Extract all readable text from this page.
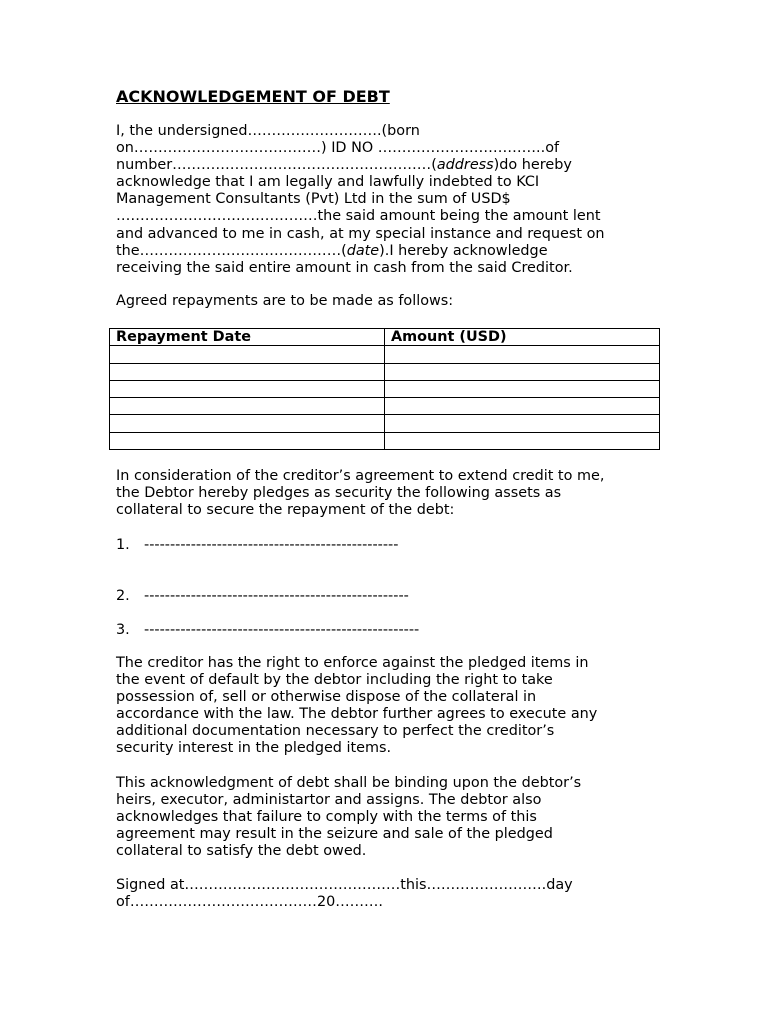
ACKNOWLEDGEMENT OF DEBT
I, the undersigned……………………….(born
on…………………………………) ID NO ……………………………..of
number………………………………………………(address)do hereby
acknowledge that I am legally and lawfully indebted to KCI
Management Consultants (Pvt) Ltd in the sum of USD$
……………………………………the said amount being the amount lent
and advanced to me in cash, at my special instance and request on
the……………………………………(date).I hereby acknowledge
receiving the said entire amount in cash from the said Creditor.
Agreed repayments are to be made as follows:
Repayment Date	Amount (USD)

In consideration of the creditor’s agreement to extend credit to me,
the Debtor hereby pledges as security the following assets as
collateral to secure the repayment of the debt:
1. -------------------------------------------------
2. ---------------------------------------------------
3. -----------------------------------------------------
The creditor has the right to enforce against the pledged items in
the event of default by the debtor including the right to take
possession of, sell or otherwise dispose of the collateral in
accordance with the law. The debtor further agrees to execute any
additional documentation necessary to perfect the creditor’s
security interest in the pledged items.
This acknowledgment of debt shall be binding upon the debtor’s
heirs, executor, administartor and assigns. The debtor also
acknowledges that failure to comply with the terms of this
agreement may result in the seizure and sale of the pledged
collateral to satisfy the debt owed.
Signed at………………………………………this…………………….day
of…………………………………20……….
